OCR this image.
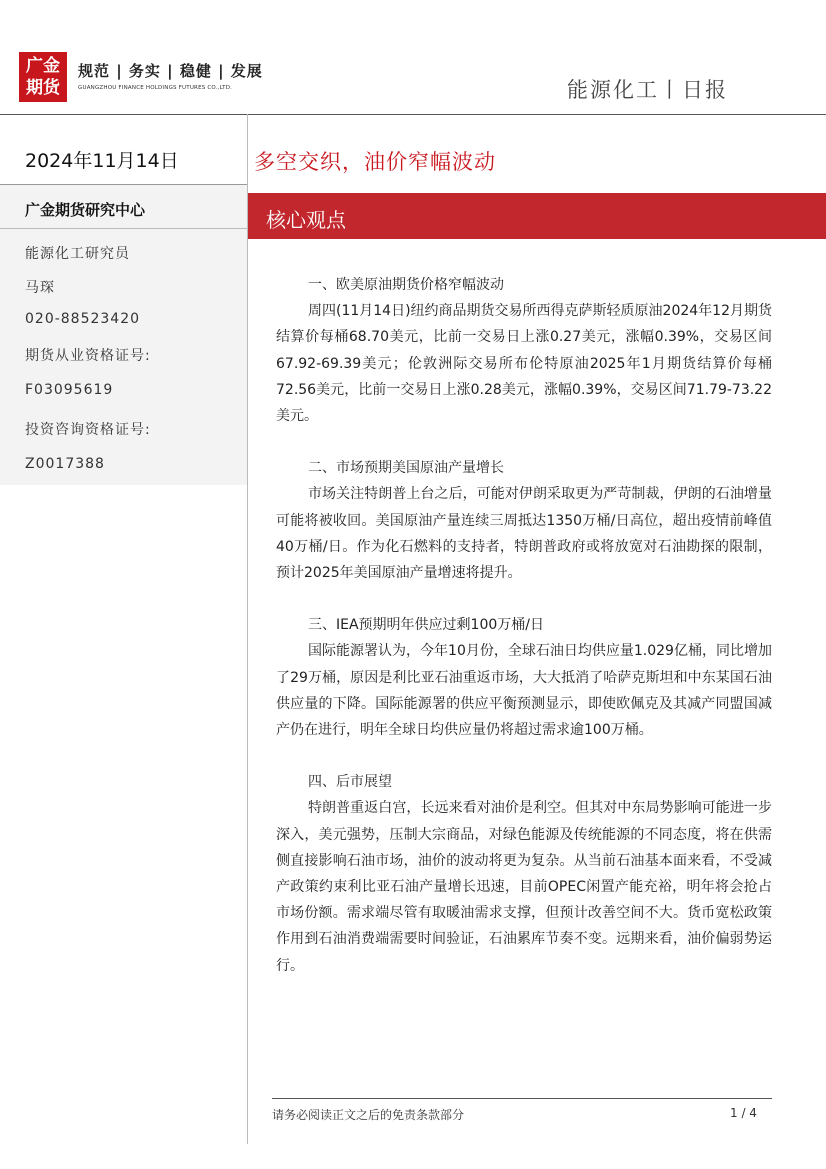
广金
期货
规范 | 务实 | 稳健 | 发展
GUANGZHOU FINANCE HOLDINGS FUTURES CO.,LTD.	能源化工丨日报
2024年11月14日
广金期货研究中心
能源化工研究员
马琛
020-88523420
期货从业资格证号:
F03095619
投资咨询资格证号:
Z0017388
多空交织，油价窄幅波动
核心观点

一、欧美原油期货价格窄幅波动

周四(11月14日)纽约商品期货交易所西得克萨斯轻质原油2024年12月期货结算价每桶68.70美元，比前一交易日上涨0.27美元，涨幅0.39%，交易区间67.92-69.39美元；伦敦洲际交易所布伦特原油2025年1月期货结算价每桶72.56美元，比前一交易日上涨0.28美元，涨幅0.39%，交易区间71.79-73.22美元。

二、市场预期美国原油产量增长

市场关注特朗普上台之后，可能对伊朗采取更为严苛制裁，伊朗的石油增量可能将被收回。美国原油产量连续三周抵达1350万桶/日高位，超出疫情前峰值40万桶/日。作为化石燃料的支持者，特朗普政府或将放宽对石油勘探的限制，预计2025年美国原油产量增速将提升。

三、IEA预期明年供应过剩100万桶/日

国际能源署认为，今年10月份，全球石油日均供应量1.029亿桶，同比增加了29万桶，原因是利比亚石油重返市场，大大抵消了哈萨克斯坦和中东某国石油供应量的下降。国际能源署的供应平衡预测显示，即使欧佩克及其减产同盟国减产仍在进行，明年全球日均供应量仍将超过需求逾100万桶。

四、后市展望

特朗普重返白宫，长远来看对油价是利空。但其对中东局势影响可能进一步深入，美元强势，压制大宗商品，对绿色能源及传统能源的不同态度，将在供需侧直接影响石油市场，油价的波动将更为复杂。从当前石油基本面来看，不受减产政策约束利比亚石油产量增长迅速，目前OPEC闲置产能充裕，明年将会抢占市场份额。需求端尽管有取暖油需求支撑，但预计改善空间不大。货币宽松政策作用到石油消费端需要时间验证，石油累库节奏不变。远期来看，油价偏弱势运行。

请务必阅读正文之后的免责条款部分	1 / 4
